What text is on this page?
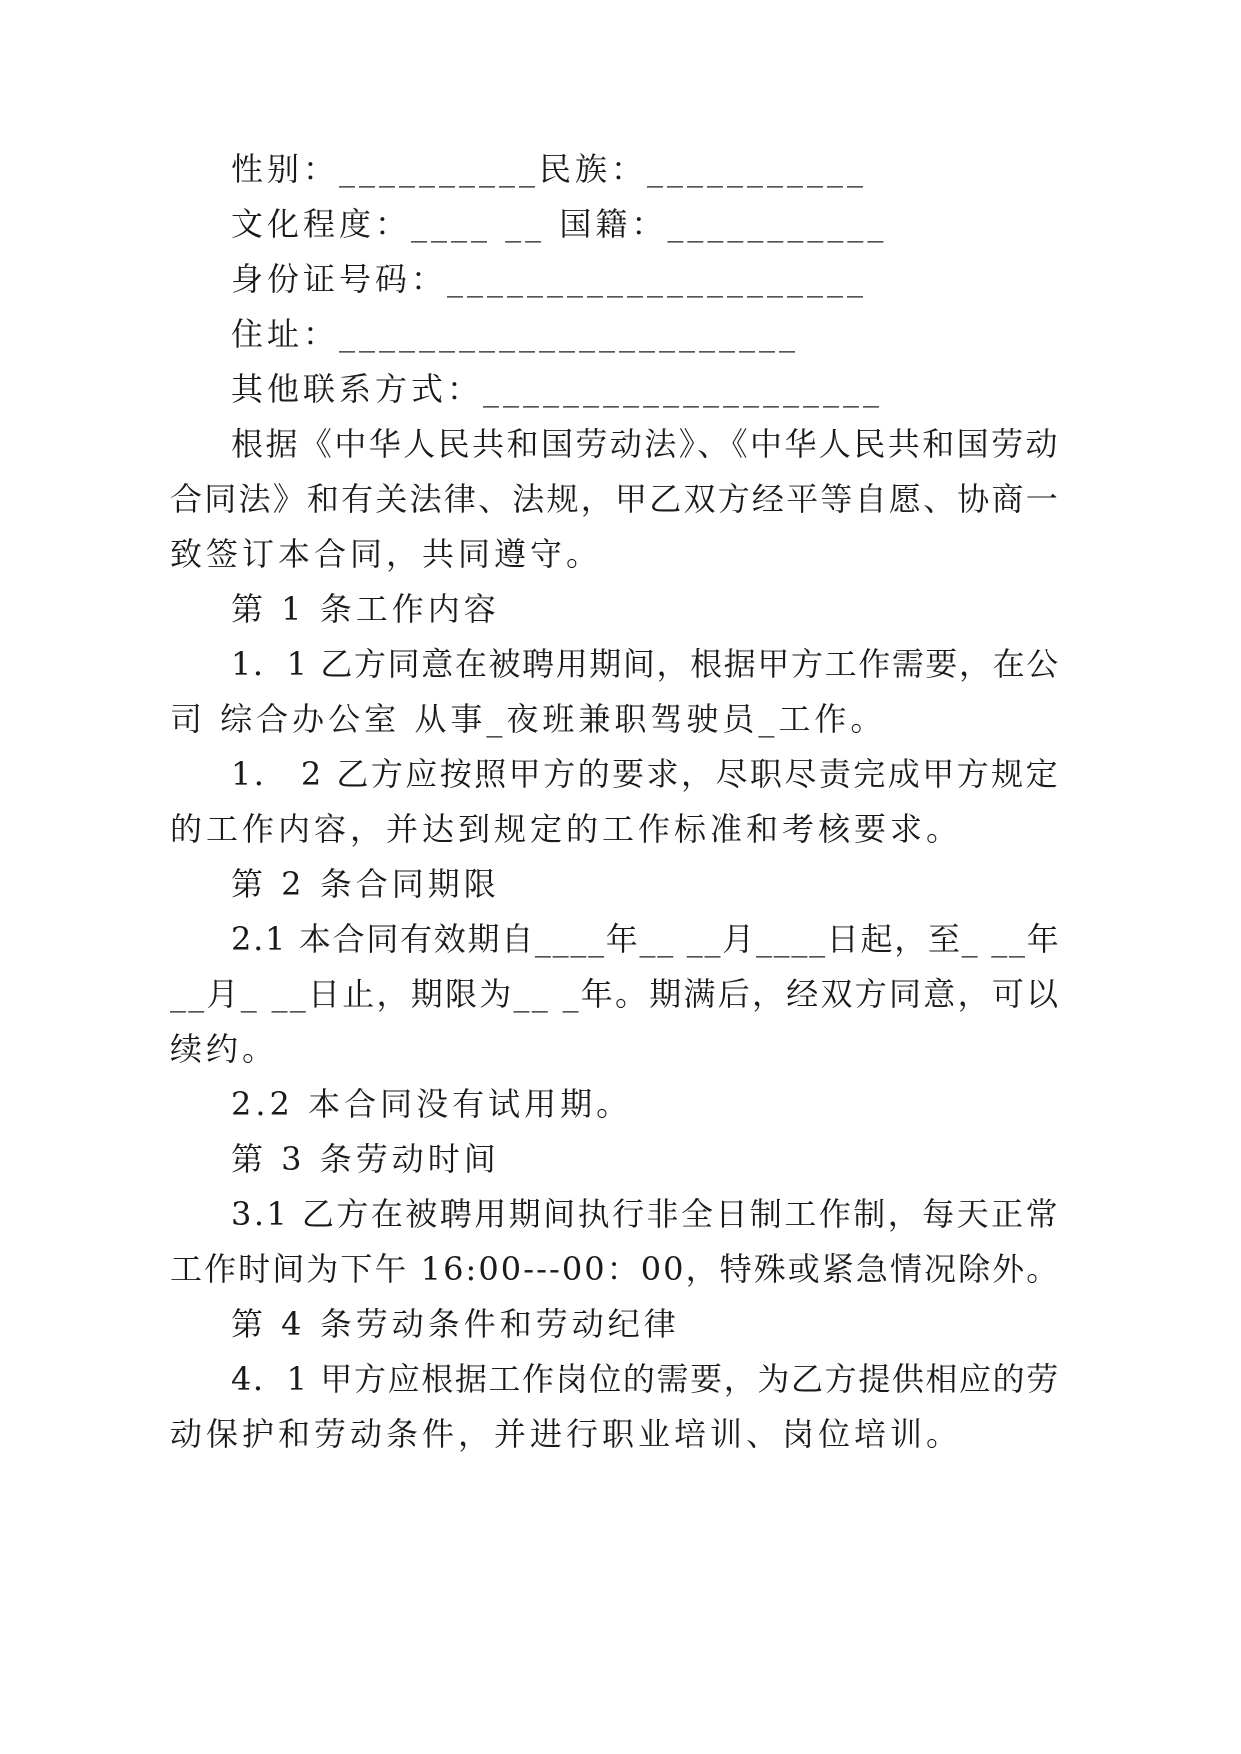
性别：__________民族：___________
文化程度：____ __ 国籍：___________
身份证号码：_____________________
住址：_______________________
其他联系方式：____________________
根据《中华人民共和国劳动法》、《中华人民共和国劳动
合同法》和有关法律、法规，甲乙双方经平等自愿、协商一
致签订本合同，共同遵守。
第 1 条工作内容
1．1 乙方同意在被聘用期间，根据甲方工作需要，在公
司 综合办公室 从事_夜班兼职驾驶员_工作。
1． 2 乙方应按照甲方的要求，尽职尽责完成甲方规定
的工作内容，并达到规定的工作标准和考核要求。
第 2 条合同期限
2.1 本合同有效期自____年__ __月____日起，至_ __年
__月_ __日止，期限为__ _年。期满后，经双方同意，可以
续约。
2.2 本合同没有试用期。
第 3 条劳动时间
3.1 乙方在被聘用期间执行非全日制工作制，每天正常
工作时间为下午 16:00---00：00，特殊或紧急情况除外。
第 4 条劳动条件和劳动纪律
4．1 甲方应根据工作岗位的需要，为乙方提供相应的劳
动保护和劳动条件，并进行职业培训、岗位培训。
